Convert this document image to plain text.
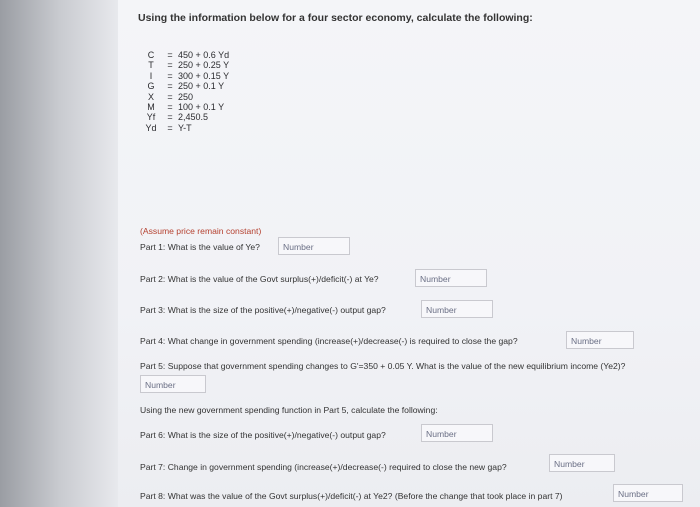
Using the information below for a four sector economy, calculate the following:
C	= 450 + 0.6 Yd
T	= 250 + 0.25 Y
I	= 300 + 0.15 Y
G	= 250 + 0.1 Y
X	= 250
M	= 100 + 0.1 Y
Yf	= 2,450.5
Yd	= Y-T
(Assume price remain constant)
Part 1: What is the value of Ye?	Number
Part 2: What is the value of the Govt surplus(+)/deficit(-) at Ye?	Number
Part 3: What is the size of the positive(+)/negative(-) output gap?	Number
Part 4: What change in government spending (increase(+)/decrease(-) is required to close the gap?	Number
Part 5: Suppose that government spending changes to G'=350 + 0.05 Y. What is the value of the new equilibrium income (Ye2)?
Number
Using the new government spending function in Part 5, calculate the following:
Part 6: What is the size of the positive(+)/negative(-) output gap?	Number
Part 7: Change in government spending (increase(+)/decrease(-) required to close the new gap?	Number
Part 8: What was the value of the Govt surplus(+)/deficit(-) at Ye2? (Before the change that took place in part 7)	Number
